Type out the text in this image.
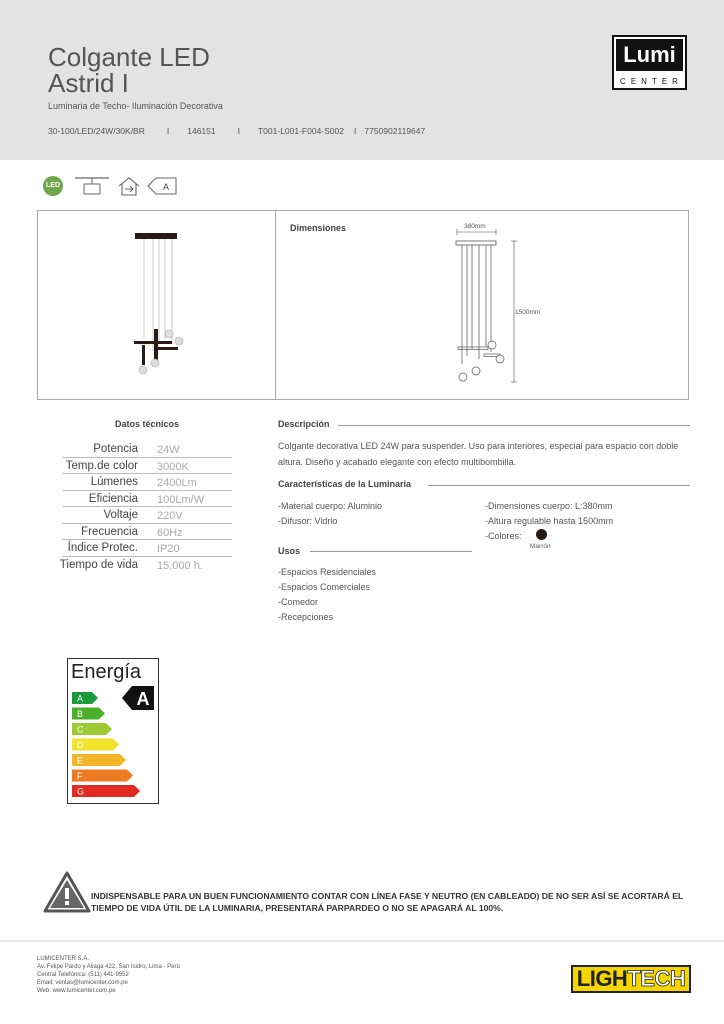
Colgante LED
Astrid I
Luminaria de Techo- Iluminación Decorativa
30-100/LED/24W/30K/BR	I 146151	I T001-L001-F004-S002 I 7750902119647
Lumi
CENTER
LED	A
Dimensiones	380mm
1500mm
Datos técnicos
Potencia 24W
Temp.de color 3000K
Lúmenes 2400Lm
Eficiencia 100Lm/W
Voltaje 220V
Frecuencia 60Hz
Índice Protec. IP20
Tiempo de vida 15,000 h.
Descripción
Colgante decorativa LED 24W para suspender. Uso para interiores, especial para espacio con doble altura. Diseño y acabado elegante con efecto multibombilla.
Características de la Luminaria
-Material cuerpo: Aluminio
-Difusor: Vidrio
-Dimensiones cuerpo: L:380mm
-Altura regulable hasta 1500mm
-Colores:
Marrón
Usos
-Espacios Residenciales
-Espacios Comerciales
-Comedor
-Recepciones
Energía
A
B
C
D
E
F
G
A
INDISPENSABLE PARA UN BUEN FUNCIONAMIENTO CONTAR CON LÍNEA FASE Y NEUTRO (EN CABLEADO) DE NO SER ASÍ SE ACORTARÁ EL TIEMPO DE VIDA ÚTIL DE LA LUMINARIA, PRESENTARÁ PARPARDEO O NO SE APAGARÁ AL 100%.
LUMICENTER S.A.
Av. Felipe Pardo y Aliaga 422, San Isidro, Lima - Perú
Central Telefónica: (511) 441-9552
Email: ventas@lumicenter.com.pe
Web: www.lumicenter.com.pe	LIGHTECH
